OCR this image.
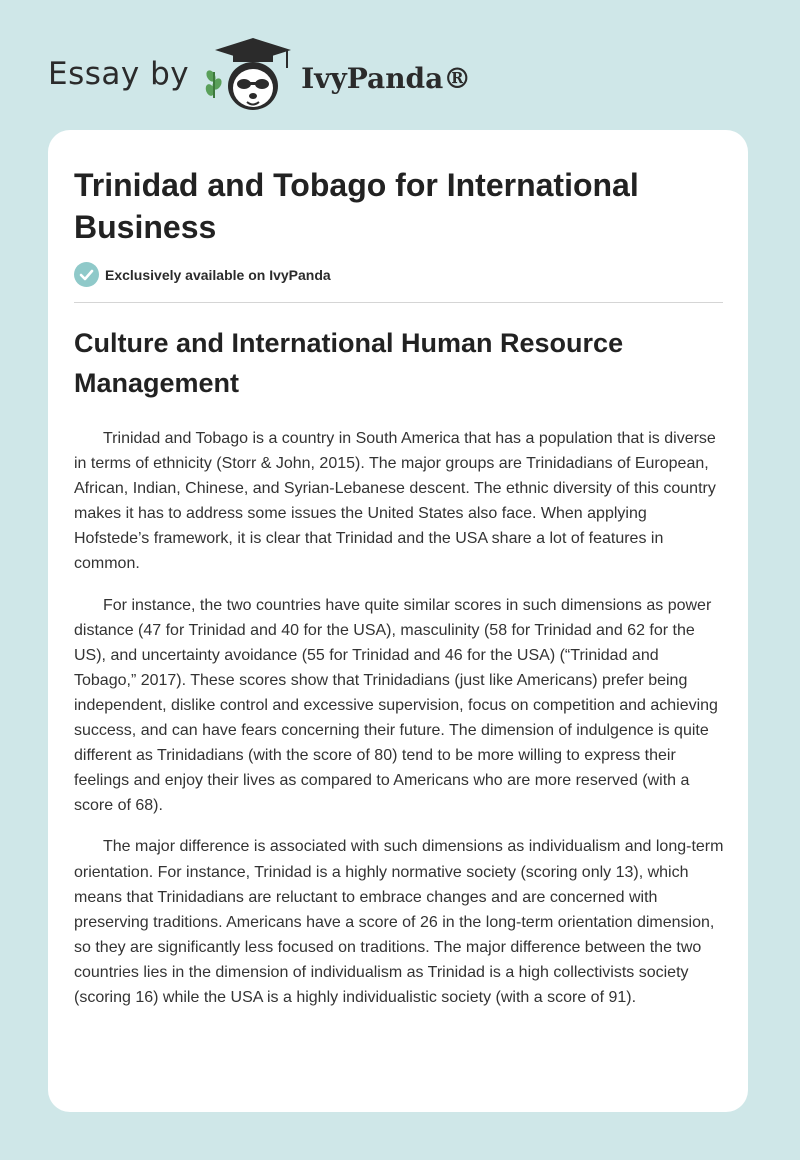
Essay by	IvyPanda®
Trinidad and Tobago for International Business
Exclusively available on IvyPanda
Culture and International Human Resource Management

Trinidad and Tobago is a country in South America that has a population that is diverse in terms of ethnicity (Storr & John, 2015). The major groups are Trinidadians of European, African, Indian, Chinese, and Syrian-Lebanese descent. The ethnic diversity of this country makes it has to address some issues the United States also face. When applying Hofstede’s framework, it is clear that Trinidad and the USA share a lot of features in common.

For instance, the two countries have quite similar scores in such dimensions as power distance (47 for Trinidad and 40 for the USA), masculinity (58 for Trinidad and 62 for the US), and uncertainty avoidance (55 for Trinidad and 46 for the USA) (“Trinidad and Tobago,” 2017). These scores show that Trinidadians (just like Americans) prefer being independent, dislike control and excessive supervision, focus on competition and achieving success, and can have fears concerning their future. The dimension of indulgence is quite different as Trinidadians (with the score of 80) tend to be more willing to express their feelings and enjoy their lives as compared to Americans who are more reserved (with a score of 68).

The major difference is associated with such dimensions as individualism and long-term orientation. For instance, Trinidad is a highly normative society (scoring only 13), which means that Trinidadians are reluctant to embrace changes and are concerned with preserving traditions. Americans have a score of 26 in the long-term orientation dimension, so they are significantly less focused on traditions. The major difference between the two countries lies in the dimension of individualism as Trinidad is a high collectivists society (scoring 16) while the USA is a highly individualistic society (with a score of 91).
